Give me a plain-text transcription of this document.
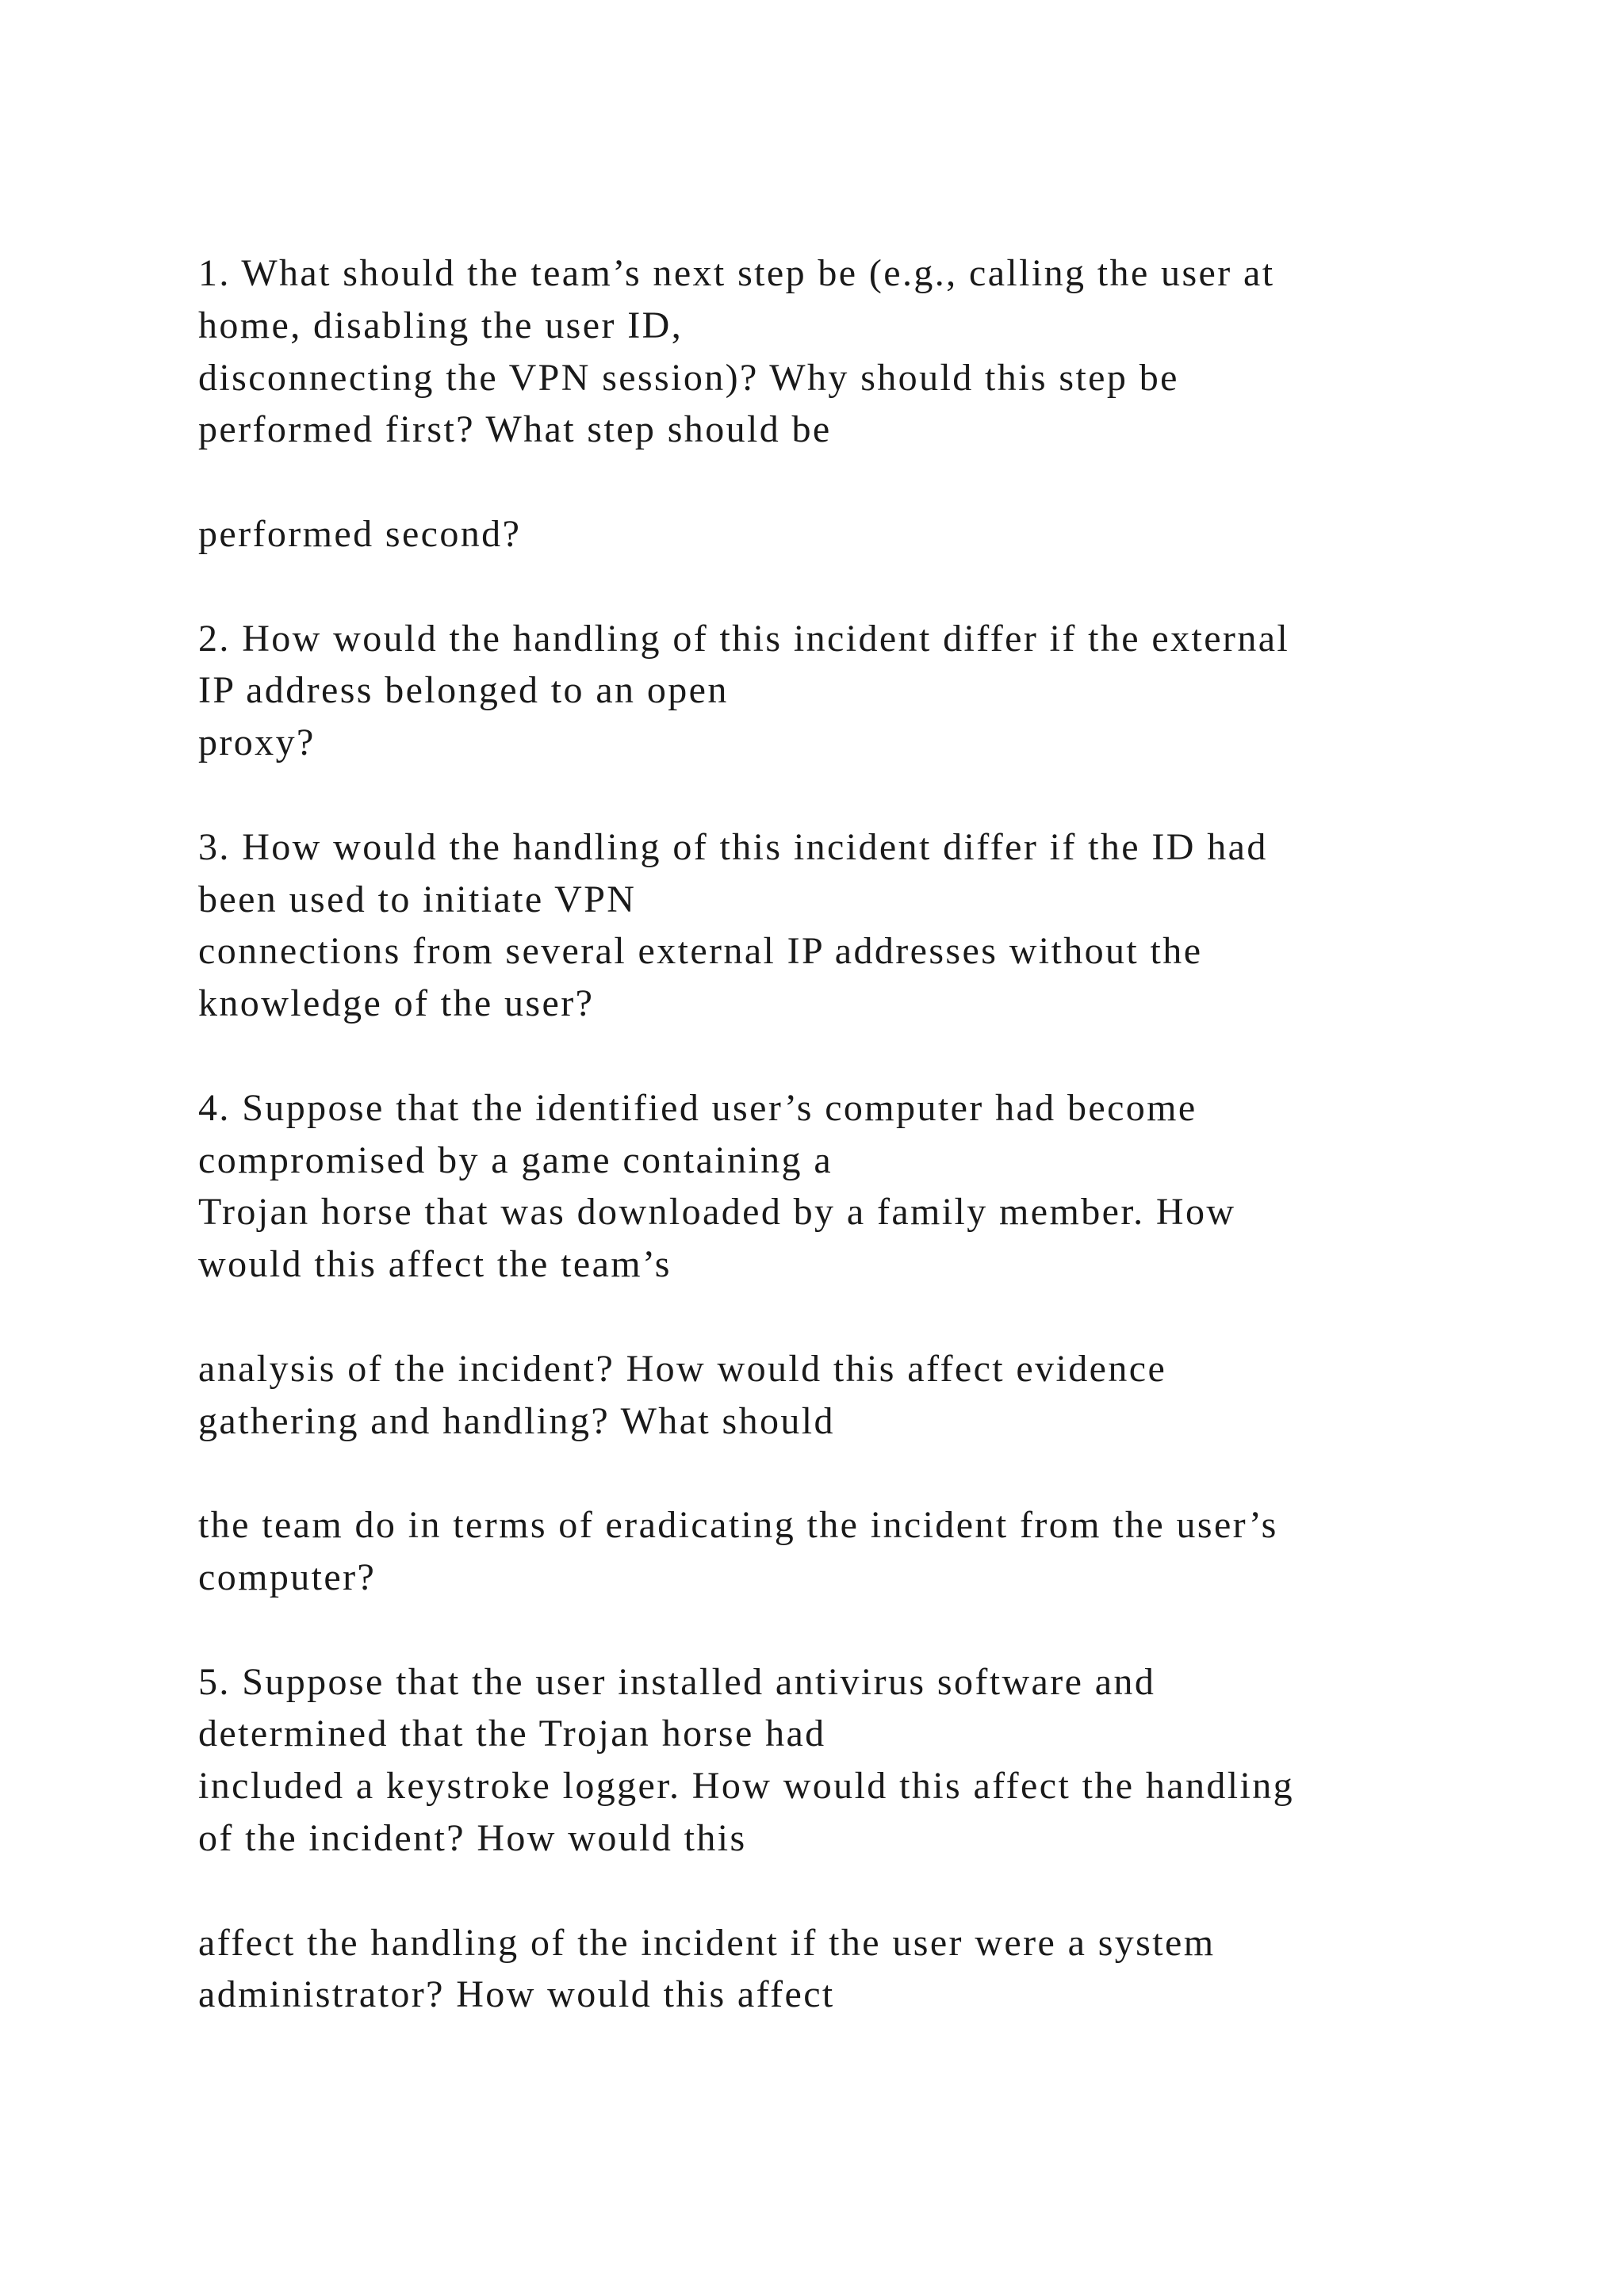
1. What should the team’s next step be (e.g., calling the user at
home, disabling the user ID,
disconnecting the VPN session)? Why should this step be
performed first? What step should be
performed second?
2. How would the handling of this incident differ if the external
IP address belonged to an open
proxy?
3. How would the handling of this incident differ if the ID had
been used to initiate VPN
connections from several external IP addresses without the
knowledge of the user?
4. Suppose that the identified user’s computer had become
compromised by a game containing a
Trojan horse that was downloaded by a family member. How
would this affect the team’s
analysis of the incident? How would this affect evidence
gathering and handling? What should
the team do in terms of eradicating the incident from the user’s
computer?
5. Suppose that the user installed antivirus software and
determined that the Trojan horse had
included a keystroke logger. How would this affect the handling
of the incident? How would this
affect the handling of the incident if the user were a system
administrator? How would this affect
